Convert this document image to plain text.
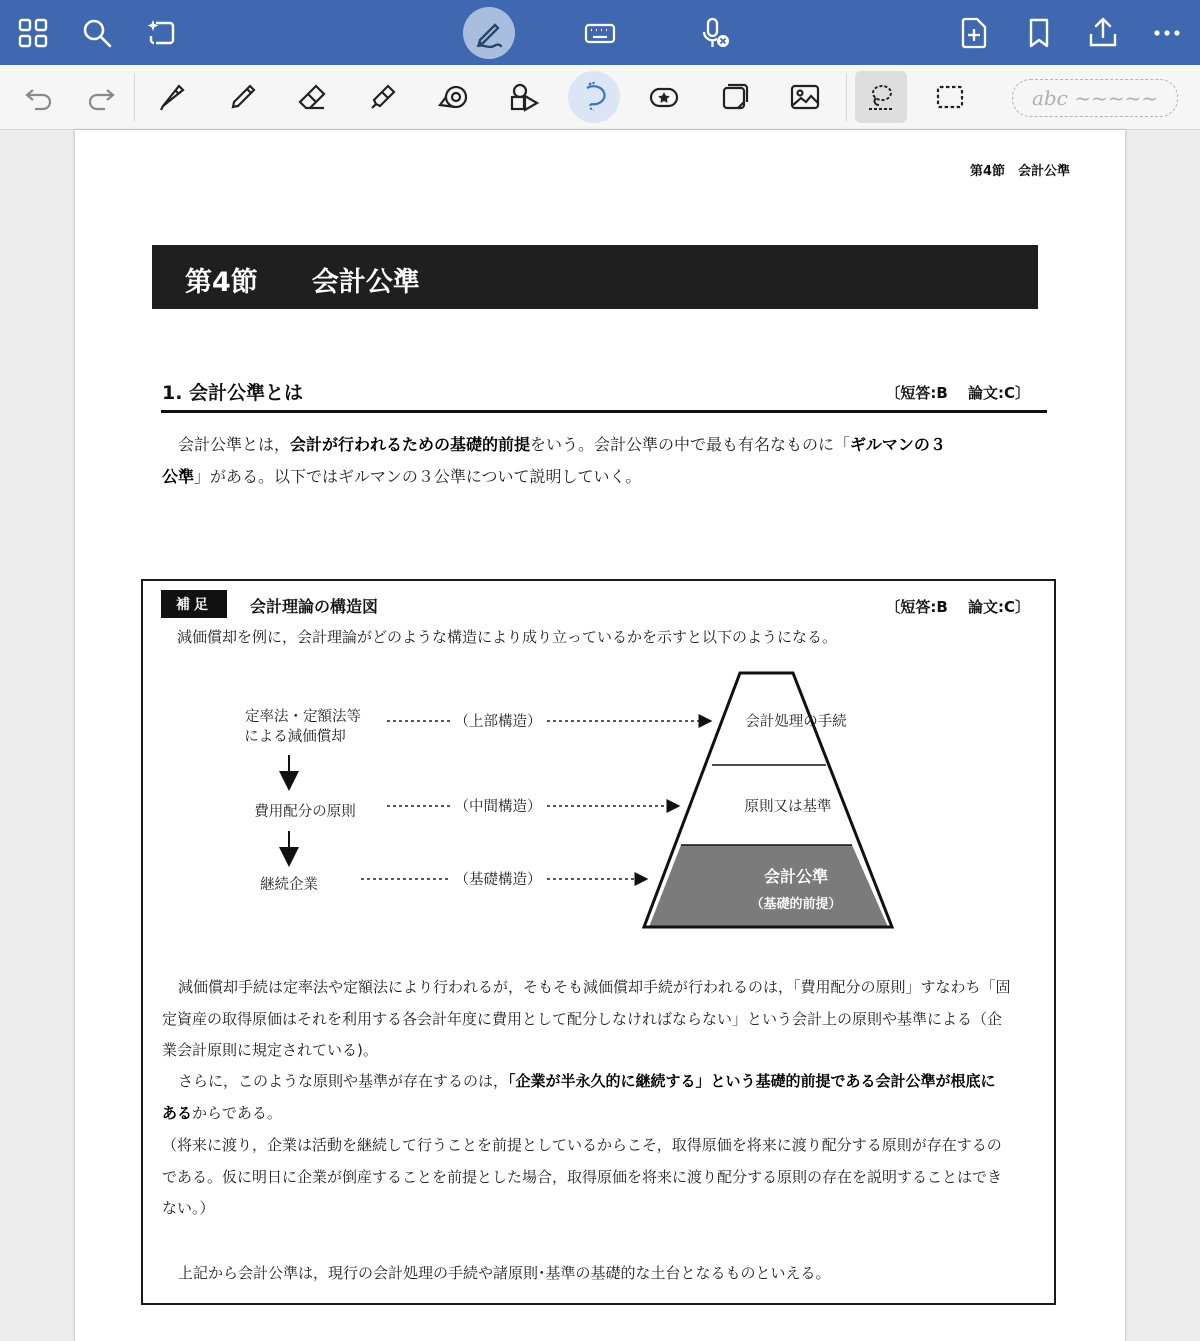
abc ~~~~~
第4節　会計公準
第4節　　会計公準
1. 会計公準とは	〔短答:B　 論文:C〕
会計公準とは，会計が行われるための基礎的前提をいう。会計公準の中で最も有名なものに「ギルマンの３
公準」がある。以下ではギルマンの３公準について説明していく。
補足	会計理論の構造図	〔短答:B　 論文:C〕
減価償却を例に，会計理論がどのような構造により成り立っているかを示すと以下のようになる。
定率法・定額法等
による減価償却
費用配分の原則
継続企業
（上部構造）
（中間構造）
（基礎構造）
会計処理の手続
原則又は基準
会計公準
（基礎的前提）
減価償却手続は定率法や定額法により行われるが，そもそも減価償却手続が行われるのは，「費用配分の原則」すなわち「固
定資産の取得原価はそれを利用する各会計年度に費用として配分しなければならない」という会計上の原則や基準による（企
業会計原則に規定されている)。
さらに，このような原則や基準が存在するのは，「企業が半永久的に継続する」という基礎的前提である会計公準が根底に
あるからである。
（将来に渡り，企業は活動を継続して行うことを前提としているからこそ，取得原価を将来に渡り配分する原則が存在するの
である。仮に明日に企業が倒産することを前提とした場合，取得原価を将来に渡り配分する原則の存在を説明することはでき
ない。）
上記から会計公準は，現行の会計処理の手続や諸原則･基準の基礎的な土台となるものといえる。
